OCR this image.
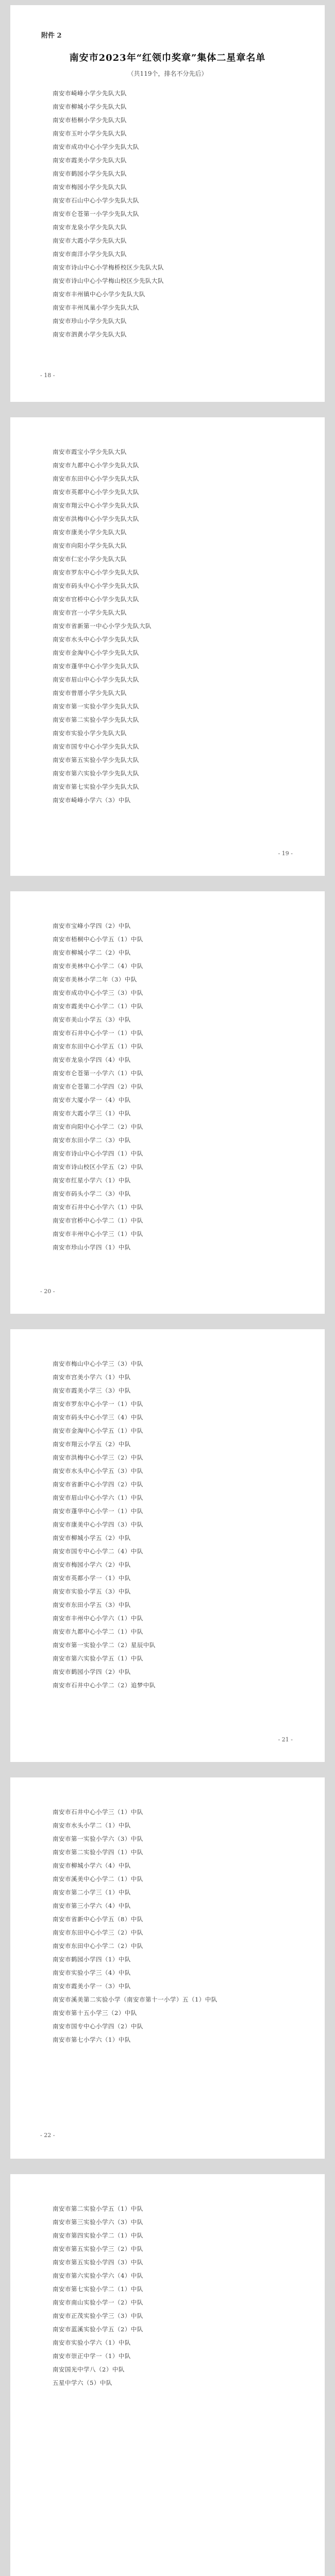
附件 2
南安市2023年“红领巾奖章”集体二星章名单
（共119个，排名不分先后）
南安市崎峰小学少先队大队
南安市柳城小学少先队大队
南安市梧桐小学少先队大队
南安市玉叶小学少先队大队
南安市成功中心小学少先队大队
南安市霞美小学少先队大队
南安市鹤园小学少先队大队
南安市梅园小学少先队大队
南安市石山中心小学少先队大队
南安市仑苍第一小学少先队大队
南安市龙泉小学少先队大队
南安市大霞小学少先队大队
南安市南洋小学少先队大队
南安市诗山中心小学梅桥校区少先队大队
南安市诗山中心小学梅山校区少先队大队
南安市丰州镇中心小学少先队大队
南安市丰州凤巢小学少先队大队
南安市珍山小学少先队大队
南安市泗黄小学少先队大队
- 18 -
南安市霞宝小学少先队大队
南安市九都中心小学少先队大队
南安市东田中心小学少先队大队
南安市英都中心小学少先队大队
南安市翔云中心小学少先队大队
南安市洪梅中心小学少先队大队
南安市康美小学少先队大队
南安市向阳小学少先队大队
南安市仁宏小学少先队大队
南安市罗东中心小学少先队大队
南安市码头中心小学少先队大队
南安市官桥中心小学少先队大队
南安市宫一小学少先队大队
南安市省新第一中心小学少先队大队
南安市水头中心小学少先队大队
南安市金淘中心小学少先队大队
南安市蓬华中心小学少先队大队
南安市眉山中心小学少先队大队
南安市曾厝小学少先队大队
南安市第一实验小学少先队大队
南安市第二实验小学少先队大队
南安市实验小学少先队大队
南安市国专中心小学少先队大队
南安市第五实验小学少先队大队
南安市第六实验小学少先队大队
南安市第七实验小学少先队大队
南安市崎峰小学六（3）中队
- 19 -
南安市宝峰小学四（2）中队
南安市梧桐中心小学五（1）中队
南安市柳城小学二（2）中队
南安市美林中心小学二（4）中队
南安市美林小学二年（3）中队
南安市成功中心小学三（3）中队
南安市霞美中心小学二（1）中队
南安市美山小学五（3）中队
南安市石井中心小学一（1）中队
南安市东田中心小学五（1）中队
南安市龙泉小学四（4）中队
南安市仑苍第一小学六（1）中队
南安市仑苍第二小学四（2）中队
南安市大厦小学一（4）中队
南安市大霞小学三（1）中队
南安市向阳中心小学二（2）中队
南安市东田小学二（3）中队
南安市诗山中心小学四（1）中队
南安市诗山校区小学五（2）中队
南安市红星小学六（1）中队
南安市码头小学二（3）中队
南安市石井中心小学六（1）中队
南安市官桥中心小学二（1）中队
南安市丰州中心小学三（1）中队
南安市珍山小学四（1）中队
- 20 -
南安市梅山中心小学三（3）中队
南安市宫美小学六（1）中队
南安市霞美小学三（3）中队
南安市罗东中心小学一（1）中队
南安市码头中心小学三（4）中队
南安市金淘中心小学五（1）中队
南安市翔云小学五（2）中队
南安市洪梅中心小学三（2）中队
南安市水头中心小学五（3）中队
南安市省新中心小学四（2）中队
南安市眉山中心小学六（1）中队
南安市蓬华中心小学一（1）中队
南安市康美中心小学四（3）中队
南安市柳城小学五（2）中队
南安市国专中心小学二（4）中队
南安市梅园小学六（2）中队
南安市英都小学一（1）中队
南安市实验小学五（3）中队
南安市东田小学五（3）中队
南安市丰州中心小学六（1）中队
南安市九都中心小学二（1）中队
南安市第一实验小学二（2）星辰中队
南安市第六实验小学五（1）中队
南安市鹤园小学四（2）中队
南安市石井中心小学二（2）追梦中队
- 21 -
南安市石井中心小学三（1）中队
南安市水头小学二（1）中队
南安市第一实验小学六（3）中队
南安市第二实验小学四（1）中队
南安市柳城小学六（4）中队
南安市溪美中心小学二（1）中队
南安市第二小学三（1）中队
南安市第三小学六（4）中队
南安市省新中心小学五（8）中队
南安市东田中心小学三（2）中队
南安市东田中心小学二（2）中队
南安市鹤园小学四（1）中队
南安市实验小学三（4）中队
南安市霞美小学一（3）中队
南安市溪美第二实验小学（南安市第十一小学）五（1）中队
南安市第十五小学三（2）中队
南安市国专中心小学四（2）中队
南安市第七小学六（1）中队
- 22 -
南安市第二实验小学五（1）中队
南安市第三实验小学六（3）中队
南安市第四实验小学二（1）中队
南安市第五实验小学三（2）中队
南安市第五实验小学四（3）中队
南安市第六实验小学六（4）中队
南安市第七实验小学二（1）中队
南安市南山实验小学一（2）中队
南安市正茂实验小学三（3）中队
南安市蓝溪实验小学五（2）中队
南安市实验小学六（1）中队
南安市崇正中学一（1）中队
南安国光中学八（2）中队
五星中学六（5）中队
